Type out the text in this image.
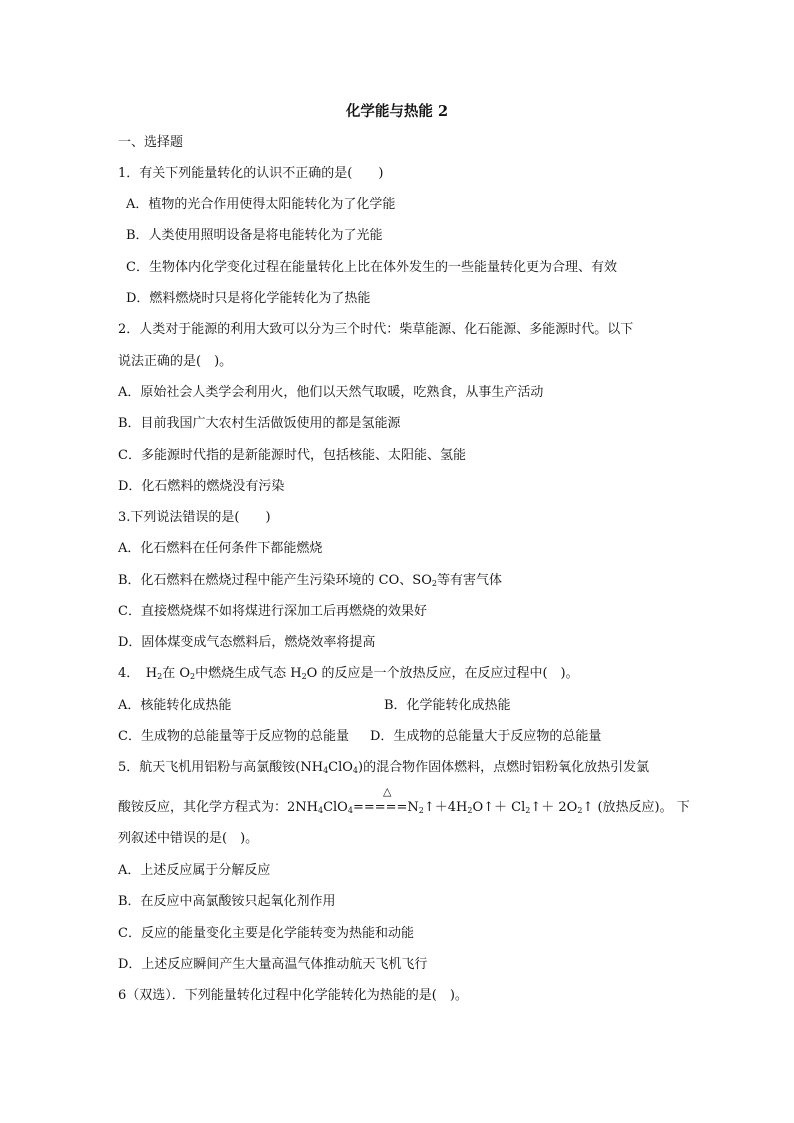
化学能与热能 2
一、选择题
1．有关下列能量转化的认识不正确的是(　　)
A．植物的光合作用使得太阳能转化为了化学能
B．人类使用照明设备是将电能转化为了光能
C．生物体内化学变化过程在能量转化上比在体外发生的一些能量转化更为合理、有效
D．燃料燃烧时只是将化学能转化为了热能
2．人类对于能源的利用大致可以分为三个时代：柴草能源、化石能源、多能源时代。以下
说法正确的是(　)。
A．原始社会人类学会利用火，他们以天然气取暖，吃熟食，从事生产活动
B．目前我国广大农村生活做饭使用的都是氢能源
C．多能源时代指的是新能源时代，包括核能、太阳能、氢能
D．化石燃料的燃烧没有污染
3.下列说法错误的是(　　)
A．化石燃料在任何条件下都能燃烧
B．化石燃料在燃烧过程中能产生污染环境的 CO、$SO_2$等有害气体
C．直接燃烧煤不如将煤进行深加工后再燃烧的效果好
D．固体煤变成气态燃料后，燃烧效率将提高
4．　$H_2$在 $O_2$中燃烧生成气态 $H_2O$ 的反应是一个放热反应，在反应过程中(　)。
A．核能转化成热能	B．化学能转化成热能
C．生成物的总能量等于反应物的总能量 D．生成物的总能量大于反应物的总能量
5．航天飞机用铝粉与高氯酸铵$(NH_4ClO_4)$的混合物作固体燃料，点燃时铝粉氧化放热引发氯
酸铵反应，其化学方程式为：$2NH_4ClO_4$
△
$=====N_2↑+4H_2O↑+$ $Cl_2↑+$ $2O_2↑$ (放热反应)。 下
列叙述中错误的是(　)。
A．上述反应属于分解反应
B．在反应中高氯酸铵只起氧化剂作用
C．反应的能量变化主要是化学能转变为热能和动能
D．上述反应瞬间产生大量高温气体推动航天飞机飞行
6（双选）．下列能量转化过程中化学能转化为热能的是(　)。
